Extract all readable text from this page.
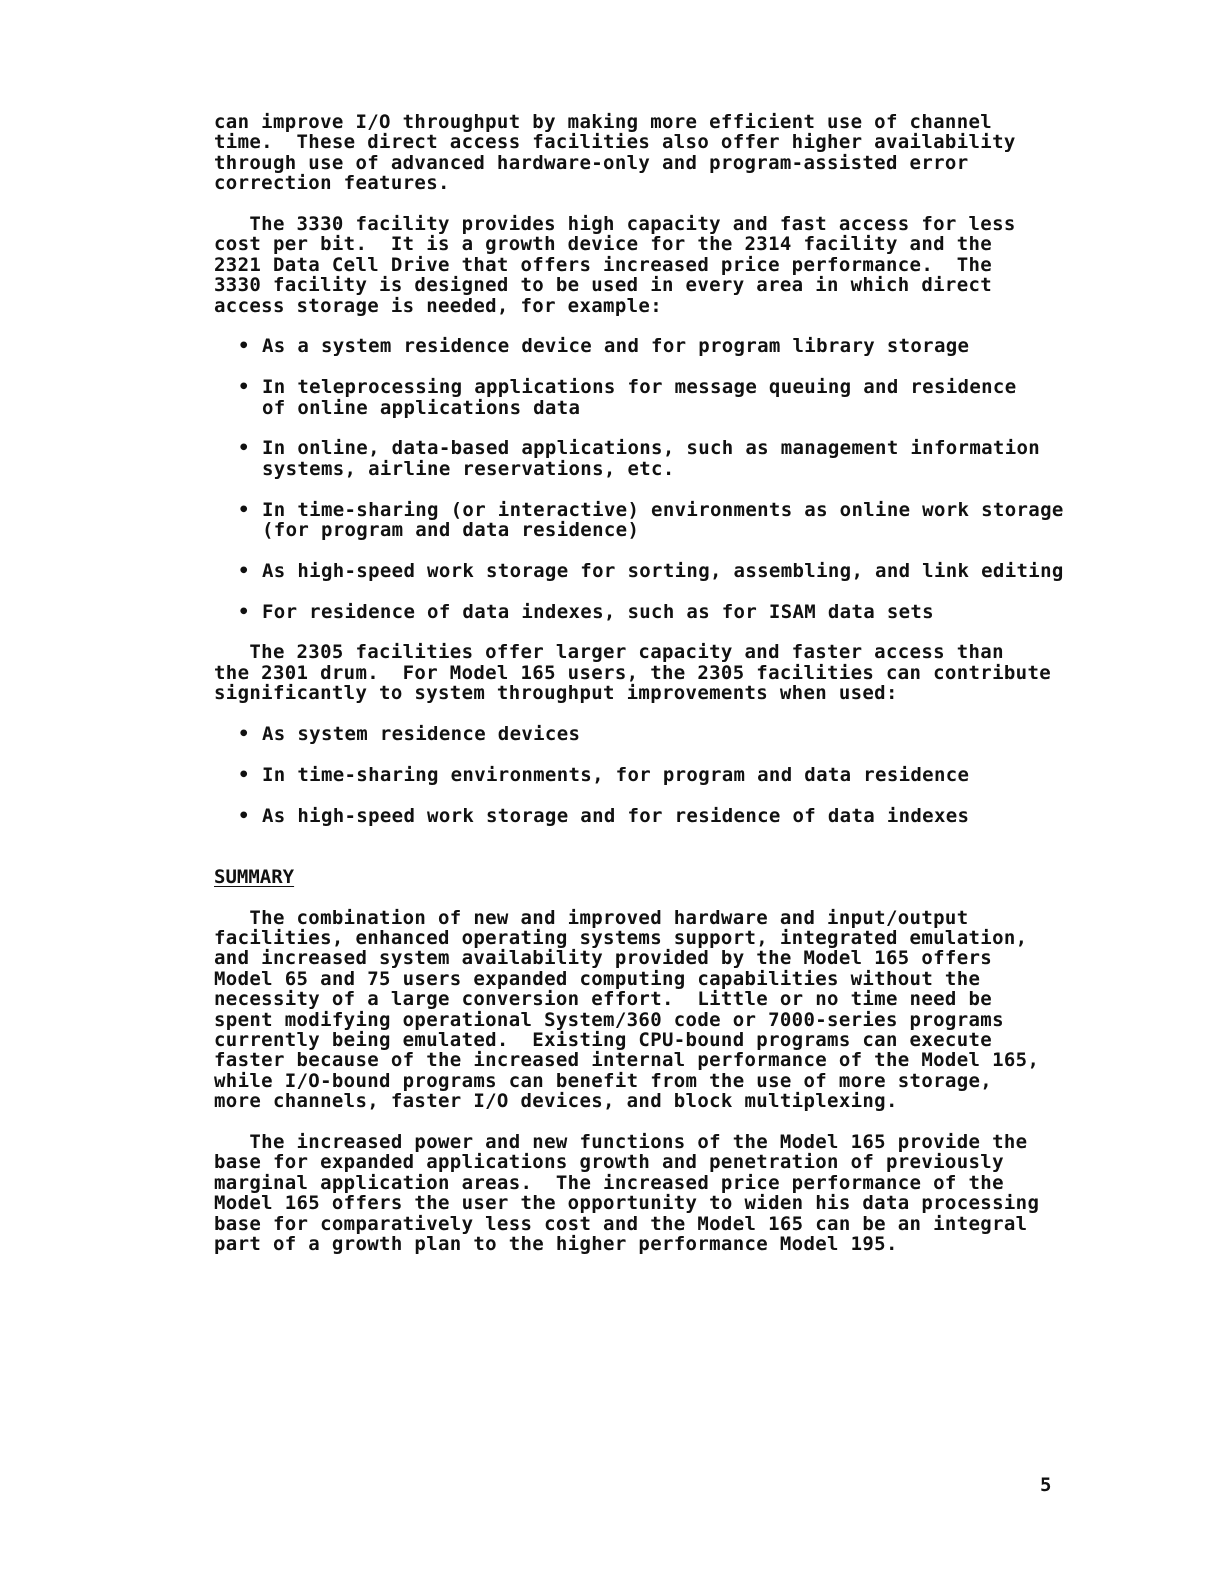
can improve I/O throughput by making more efficient use of channel
time.  These direct access facilities also offer higher availability
through use of advanced hardware-only and program-assisted error
correction features.

The 3330 facility provides high capacity and fast access for less
cost per bit.  It is a growth device for the 2314 facility and the
2321 Data Cell Drive that offers increased price performance.  The
3330 facility is designed to be used in every area in which direct
access storage is needed, for example:

• As a system residence device and for program library storage
• In teleprocessing applications for message queuing and residence
of online applications data
• In online, data-based applications, such as management information
systems, airline reservations, etc.
• In time-sharing (or interactive) environments as online work storage
(for program and data residence)
• As high-speed work storage for sorting, assembling, and link editing
• For residence of data indexes, such as for ISAM data sets

The 2305 facilities offer larger capacity and faster access than
the 2301 drum.  For Model 165 users, the 2305 facilities can contribute
significantly to system throughput improvements when used:

• As system residence devices
• In time-sharing environments, for program and data residence
• As high-speed work storage and for residence of data indexes

SUMMARY

The combination of new and improved hardware and input/output
facilities, enhanced operating systems support, integrated emulation,
and increased system availability provided by the Model 165 offers
Model 65 and 75 users expanded computing capabilities without the
necessity of a large conversion effort.  Little or no time need be
spent modifying operational System/360 code or 7000-series programs
currently being emulated.  Existing CPU-bound programs can execute
faster because of the increased internal performance of the Model 165,
while I/O-bound programs can benefit from the use of more storage,
more channels, faster I/O devices, and block multiplexing.

The increased power and new functions of the Model 165 provide the
base for expanded applications growth and penetration of previously
marginal application areas.  The increased price performance of the
Model 165 offers the user the opportunity to widen his data processing
base for comparatively less cost and the Model 165 can be an integral
part of a growth plan to the higher performance Model 195.

5
